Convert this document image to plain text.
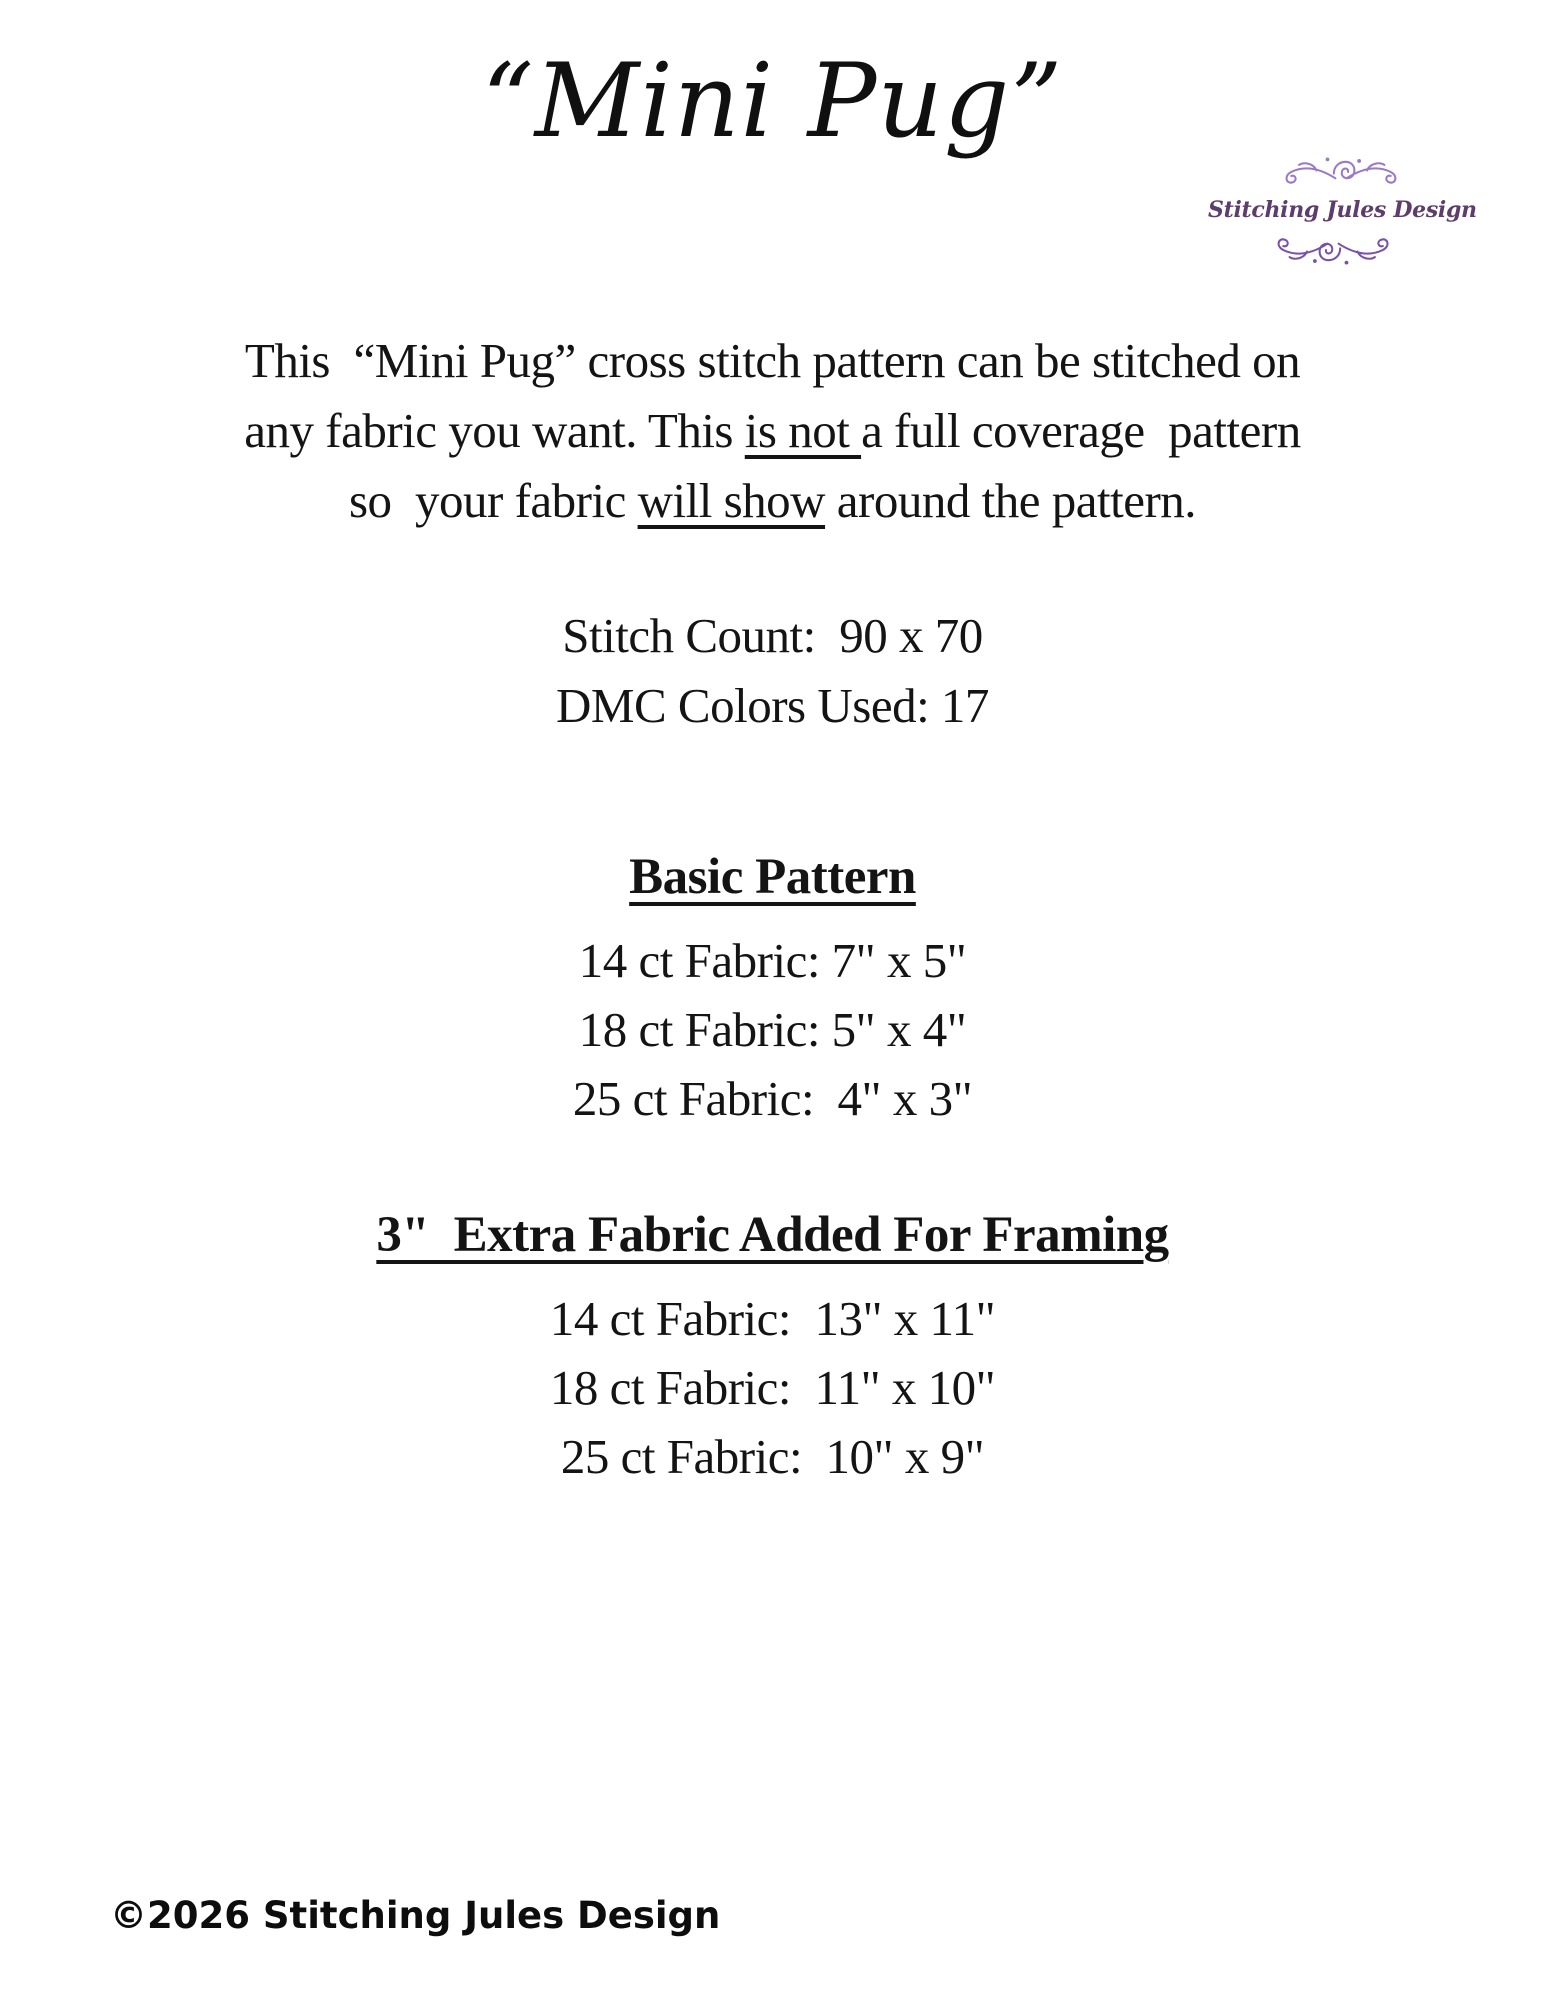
“Mini Pug”
Stitching Jules Design
This  “Mini Pug” cross stitch pattern can be stitched on
any fabric you want. This is not a full coverage  pattern
so  your fabric will show around the pattern.
Stitch Count:  90 x 70
DMC Colors Used: 17
Basic Pattern
14 ct Fabric: 7" x 5"
18 ct Fabric: 5" x 4"
25 ct Fabric:  4" x 3"
3"  Extra Fabric Added For Framing
14 ct Fabric:  13" x 11"
18 ct Fabric:  11" x 10"
25 ct Fabric:  10" x 9"
©2026 Stitching Jules Design
